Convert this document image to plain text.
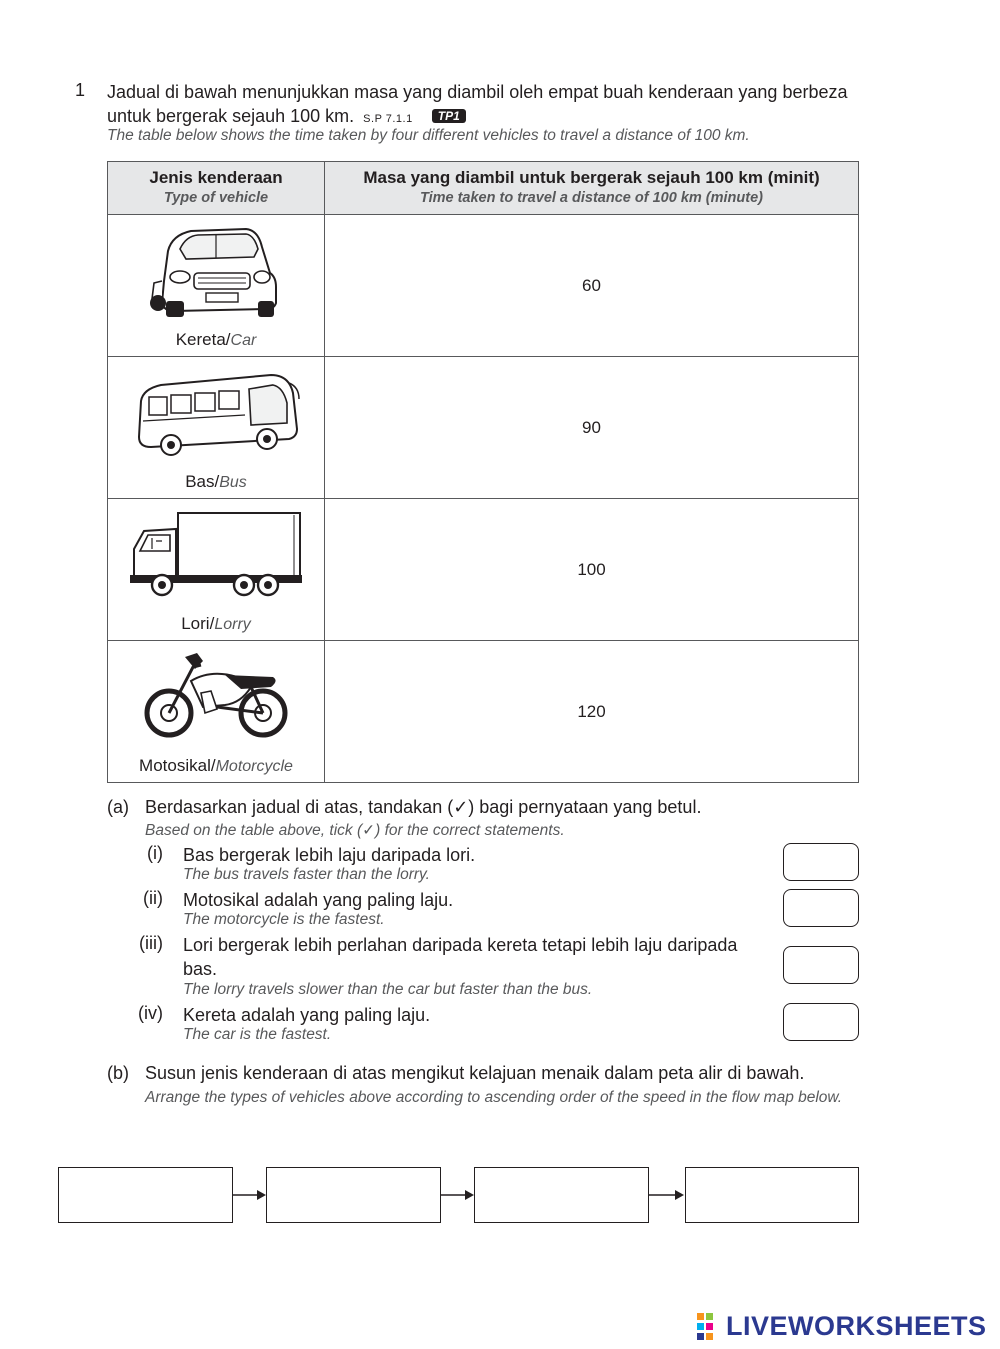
1 Jadual di bawah menunjukkan masa yang diambil oleh empat buah kenderaan yang berbeza untuk bergerak sejauh 100 km. S.P 7.1.1 TP1
The table below shows the time taken by four different vehicles to travel a distance of 100 km.
Jenis kenderaan
Type of vehicle	Masa yang diambil untuk bergerak sejauh 100 km (minit)
Time taken to travel a distance of 100 km (minute)

Kereta/Car	60

Bas/Bus	90

Lori/Lorry	100

Motosikal/Motorcycle	120
(a) Berdasarkan jadual di atas, tandakan (✓) bagi pernyataan yang betul.
Based on the table above, tick (✓) for the correct statements.
(i) Bas bergerak lebih laju daripada lori.
The bus travels faster than the lorry.
(ii) Motosikal adalah yang paling laju.
The motorcycle is the fastest.
(iii) Lori bergerak lebih perlahan daripada kereta tetapi lebih laju daripada bas.
The lorry travels slower than the car but faster than the bus.
(iv) Kereta adalah yang paling laju.
The car is the fastest.
(b) Susun jenis kenderaan di atas mengikut kelajuan menaik dalam peta alir di bawah.
Arrange the types of vehicles above according to ascending order of the speed in the flow map below.
LIVEWORKSHEETS
